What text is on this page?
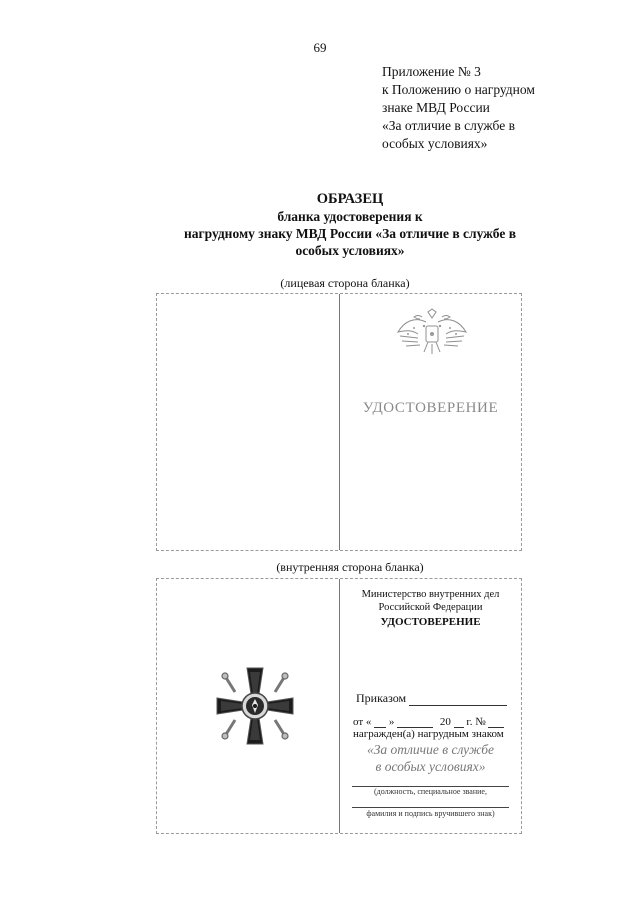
69
Приложение № 3
к Положению о нагрудном
знаке МВД России
«За отличие в службе в
особых условиях»
ОБРАЗЕЦ
бланка удостоверения к
нагрудному знаку МВД России «За отличие в службе в
особых условиях»
(лицевая сторона бланка)
УДОСТОВЕРЕНИЕ
(внутренняя сторона бланка)
Министерство внутренних дел
Российской Федерации
УДОСТОВЕРЕНИЕ
Приказом
от « »	20 г. №
награжден(а) нагрудным знаком
«За отличие в службе
в особых условиях»
(должность, специальное звание,
фамилия и подпись вручившего знак)
